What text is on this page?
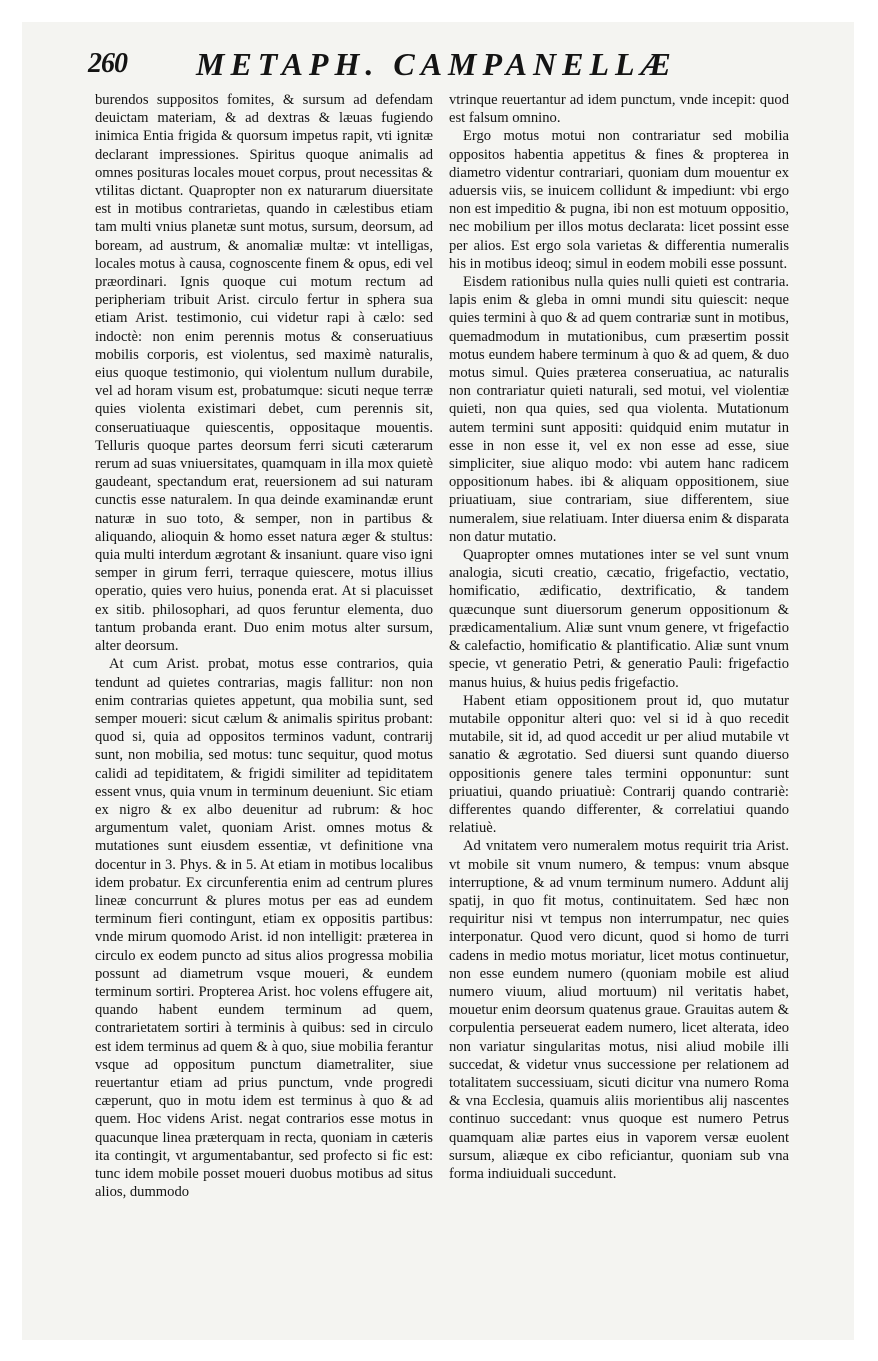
260 METAPH. CAMPANELLÆ

burendos suppositos fomites, & sursum ad defendam deuictam materiam, & ad dextras & læuas fugiendo inimica Entia frigida & quorsum impetus rapit, vti ignitæ declarant impressiones. Spiritus quoque animalis ad omnes posituras locales mouet corpus, prout necessitas & vtilitas dictant. Quapropter non ex naturarum diuersitate est in motibus contrarietas, quando in cælestibus etiam tam multi vnius planetæ sunt motus, sursum, deorsum, ad boream, ad austrum, & anomaliæ multæ: vt intelligas, locales motus à causa, cognoscente finem & opus, edi vel præordinari. Ignis quoque cui motum rectum ad peripheriam tribuit Arist. circulo fertur in sphera sua etiam Arist. testimonio, cui videtur rapi à cælo: sed indoctè: non enim perennis motus & conseruatiuus mobilis corporis, est violentus, sed maximè naturalis, eius quoque testimonio, qui violentum nullum durabile, vel ad horam visum est, probatumque: sicuti neque terræ quies violenta existimari debet, cum perennis sit, conseruatiuaque quiescentis, oppositaque mouentis. Telluris quoque partes deorsum ferri sicuti cæterarum rerum ad suas vniuersitates, quamquam in illa mox quietè gaudeant, spectandum erat, reuersionem ad sui naturam cunctis esse naturalem. In qua deinde examinandæ erunt naturæ in suo toto, & semper, non in partibus & aliquando, alioquin & homo esset natura æger & stultus: quia multi interdum ægrotant & insaniunt. quare viso igni semper in girum ferri, terraque quiescere, motus illius operatio, quies vero huius, ponenda erat. At si placuisset ex sitib. philosophari, ad quos feruntur elementa, duo tantum probanda erant. Duo enim motus alter sursum, alter deorsum.

At cum Arist. probat, motus esse contrarios, quia tendunt ad quietes contrarias, magis fallitur: non non enim contrarias quietes appetunt, qua mobilia sunt, sed semper moueri: sicut cælum & animalis spiritus probant: quod si, quia ad oppositos terminos vadunt, contrarij sunt, non mobilia, sed motus: tunc sequitur, quod motus calidi ad tepiditatem, & frigidi similiter ad tepiditatem essent vnus, quia vnum in terminum deueniunt. Sic etiam ex nigro & ex albo deuenitur ad rubrum: & hoc argumentum valet, quoniam Arist. omnes motus & mutationes sunt eiusdem essentiæ, vt definitione vna docentur in 3. Phys. & in 5. At etiam in motibus localibus idem probatur. Ex circunferentia enim ad centrum plures lineæ concurrunt & plures motus per eas ad eundem terminum fieri contingunt, etiam ex oppositis partibus: vnde mirum quomodo Arist. id non intelligit: præterea in circulo ex eodem puncto ad situs alios progressa mobilia possunt ad diametrum vsque moueri, & eundem terminum sortiri. Propterea Arist. hoc volens effugere ait, quando habent eundem terminum ad quem, contrarietatem sortiri à terminis à quibus: sed in circulo est idem terminus ad quem & à quo, siue mobilia ferantur vsque ad oppositum punctum diametraliter, siue reuertantur etiam ad prius punctum, vnde progredi cæperunt, quo in motu idem est terminus à quo & ad quem. Hoc videns Arist. negat contrarios esse motus in quacunque linea præterquam in recta, quoniam in cæteris ita contingit, vt argumentabantur, sed profecto si fic est: tunc idem mobile posset moueri duobus motibus ad situs alios, dummodo

vtrinque reuertantur ad idem punctum, vnde incepit: quod est falsum omnino.

Ergo motus motui non contrariatur sed mobilia oppositos habentia appetitus & fines & propterea in diametro videntur contrariari, quoniam dum mouentur ex aduersis viis, se inuicem collidunt & impediunt: vbi ergo non est impeditio & pugna, ibi non est motuum oppositio, nec mobilium per illos motus declarata: licet possint esse per alios. Est ergo sola varietas & differentia numeralis his in motibus ideoq; simul in eodem mobili esse possunt.

Eisdem rationibus nulla quies nulli quieti est contraria. lapis enim & gleba in omni mundi situ quiescit: neque quies termini à quo & ad quem contrariæ sunt in motibus, quemadmodum in mutationibus, cum præsertim possit motus eundem habere terminum à quo & ad quem, & duo motus simul. Quies præterea conseruatiua, ac naturalis non contrariatur quieti naturali, sed motui, vel violentiæ quieti, non qua quies, sed qua violenta. Mutationum autem termini sunt appositi: quidquid enim mutatur in esse in non esse it, vel ex non esse ad esse, siue simpliciter, siue aliquo modo: vbi autem hanc radicem oppositionum habes. ibi & aliquam oppositionem, siue priuatiuam, siue contrariam, siue differentem, siue numeralem, siue relatiuam. Inter diuersa enim & disparata non datur mutatio.

Quapropter omnes mutationes inter se vel sunt vnum analogia, sicuti creatio, cæcatio, frigefactio, vectatio, homificatio, ædificatio, dextrificatio, & tandem quæcunque sunt diuersorum generum oppositionum & prædicamentalium. Aliæ sunt vnum genere, vt frigefactio & calefactio, homificatio & plantificatio. Aliæ sunt vnum specie, vt generatio Petri, & generatio Pauli: frigefactio manus huius, & huius pedis frigefactio.

Habent etiam oppositionem prout id, quo mutatur mutabile opponitur alteri quo: vel si id à quo recedit mutabile, sit id, ad quod accedit ur per aliud mutabile vt sanatio & ægrotatio. Sed diuersi sunt quando diuerso oppositionis genere tales termini opponuntur: sunt priuatiui, quando priuatiuè: Contrarij quando contrariè: differentes quando differenter, & correlatiui quando relatiuè.

Ad vnitatem vero numeralem motus requirit tria Arist. vt mobile sit vnum numero, & tempus: vnum absque interruptione, & ad vnum terminum numero. Addunt alij spatij, in quo fit motus, continuitatem. Sed hæc non requiritur nisi vt tempus non interrumpatur, nec quies interponatur. Quod vero dicunt, quod si homo de turri cadens in medio motus moriatur, licet motus continuetur, non esse eundem numero (quoniam mobile est aliud numero viuum, aliud mortuum) nil veritatis habet, mouetur enim deorsum quatenus graue. Grauitas autem & corpulentia perseuerat eadem numero, licet alterata, ideo non variatur singularitas motus, nisi aliud mobile illi succedat, & videtur vnus successione per relationem ad totalitatem successiuam, sicuti dicitur vna numero Roma & vna Ecclesia, quamuis aliis morientibus alij nascentes continuo succedant: vnus quoque est numero Petrus quamquam aliæ partes eius in vaporem versæ euolent sursum, aliæque ex cibo reficiantur, quoniam sub vna forma indiuiduali succedunt.
